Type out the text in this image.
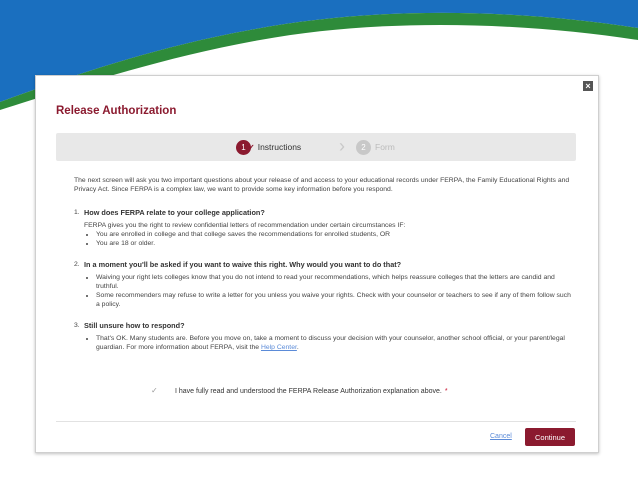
×
Release Authorization
1 ✓ Instructions ›	2	Form

The next screen will ask you two important questions about your release of and access to your educational records under FERPA, the Family Educational Rights and Privacy Act. Since FERPA is a complex law, we want to provide some key information before you respond.

1. How does FERPA relate to your college application?

FERPA gives you the right to review confidential letters of recommendation under certain circumstances IF:

• You are enrolled in college and that college saves the recommendations for enrolled students, OR
• You are 18 or older.
2. In a moment you'll be asked if you want to waive this right. Why would you want to do that?
• Waiving your right lets colleges know that you do not intend to read your recommendations, which helps reassure colleges that the letters are candid and truthful.
• Some recommenders may refuse to write a letter for you unless you waive your rights. Check with your counselor or teachers to see if any of them follow such a policy.
3. Still unsure how to respond?
• That's OK. Many students are. Before you move on, take a moment to discuss your decision with your counselor, another school official, or your parent/legal guardian. For more information about FERPA, visit the Help Center.
✓ I have fully read and understood the FERPA Release Authorization explanation above. *
Cancel	Continue
